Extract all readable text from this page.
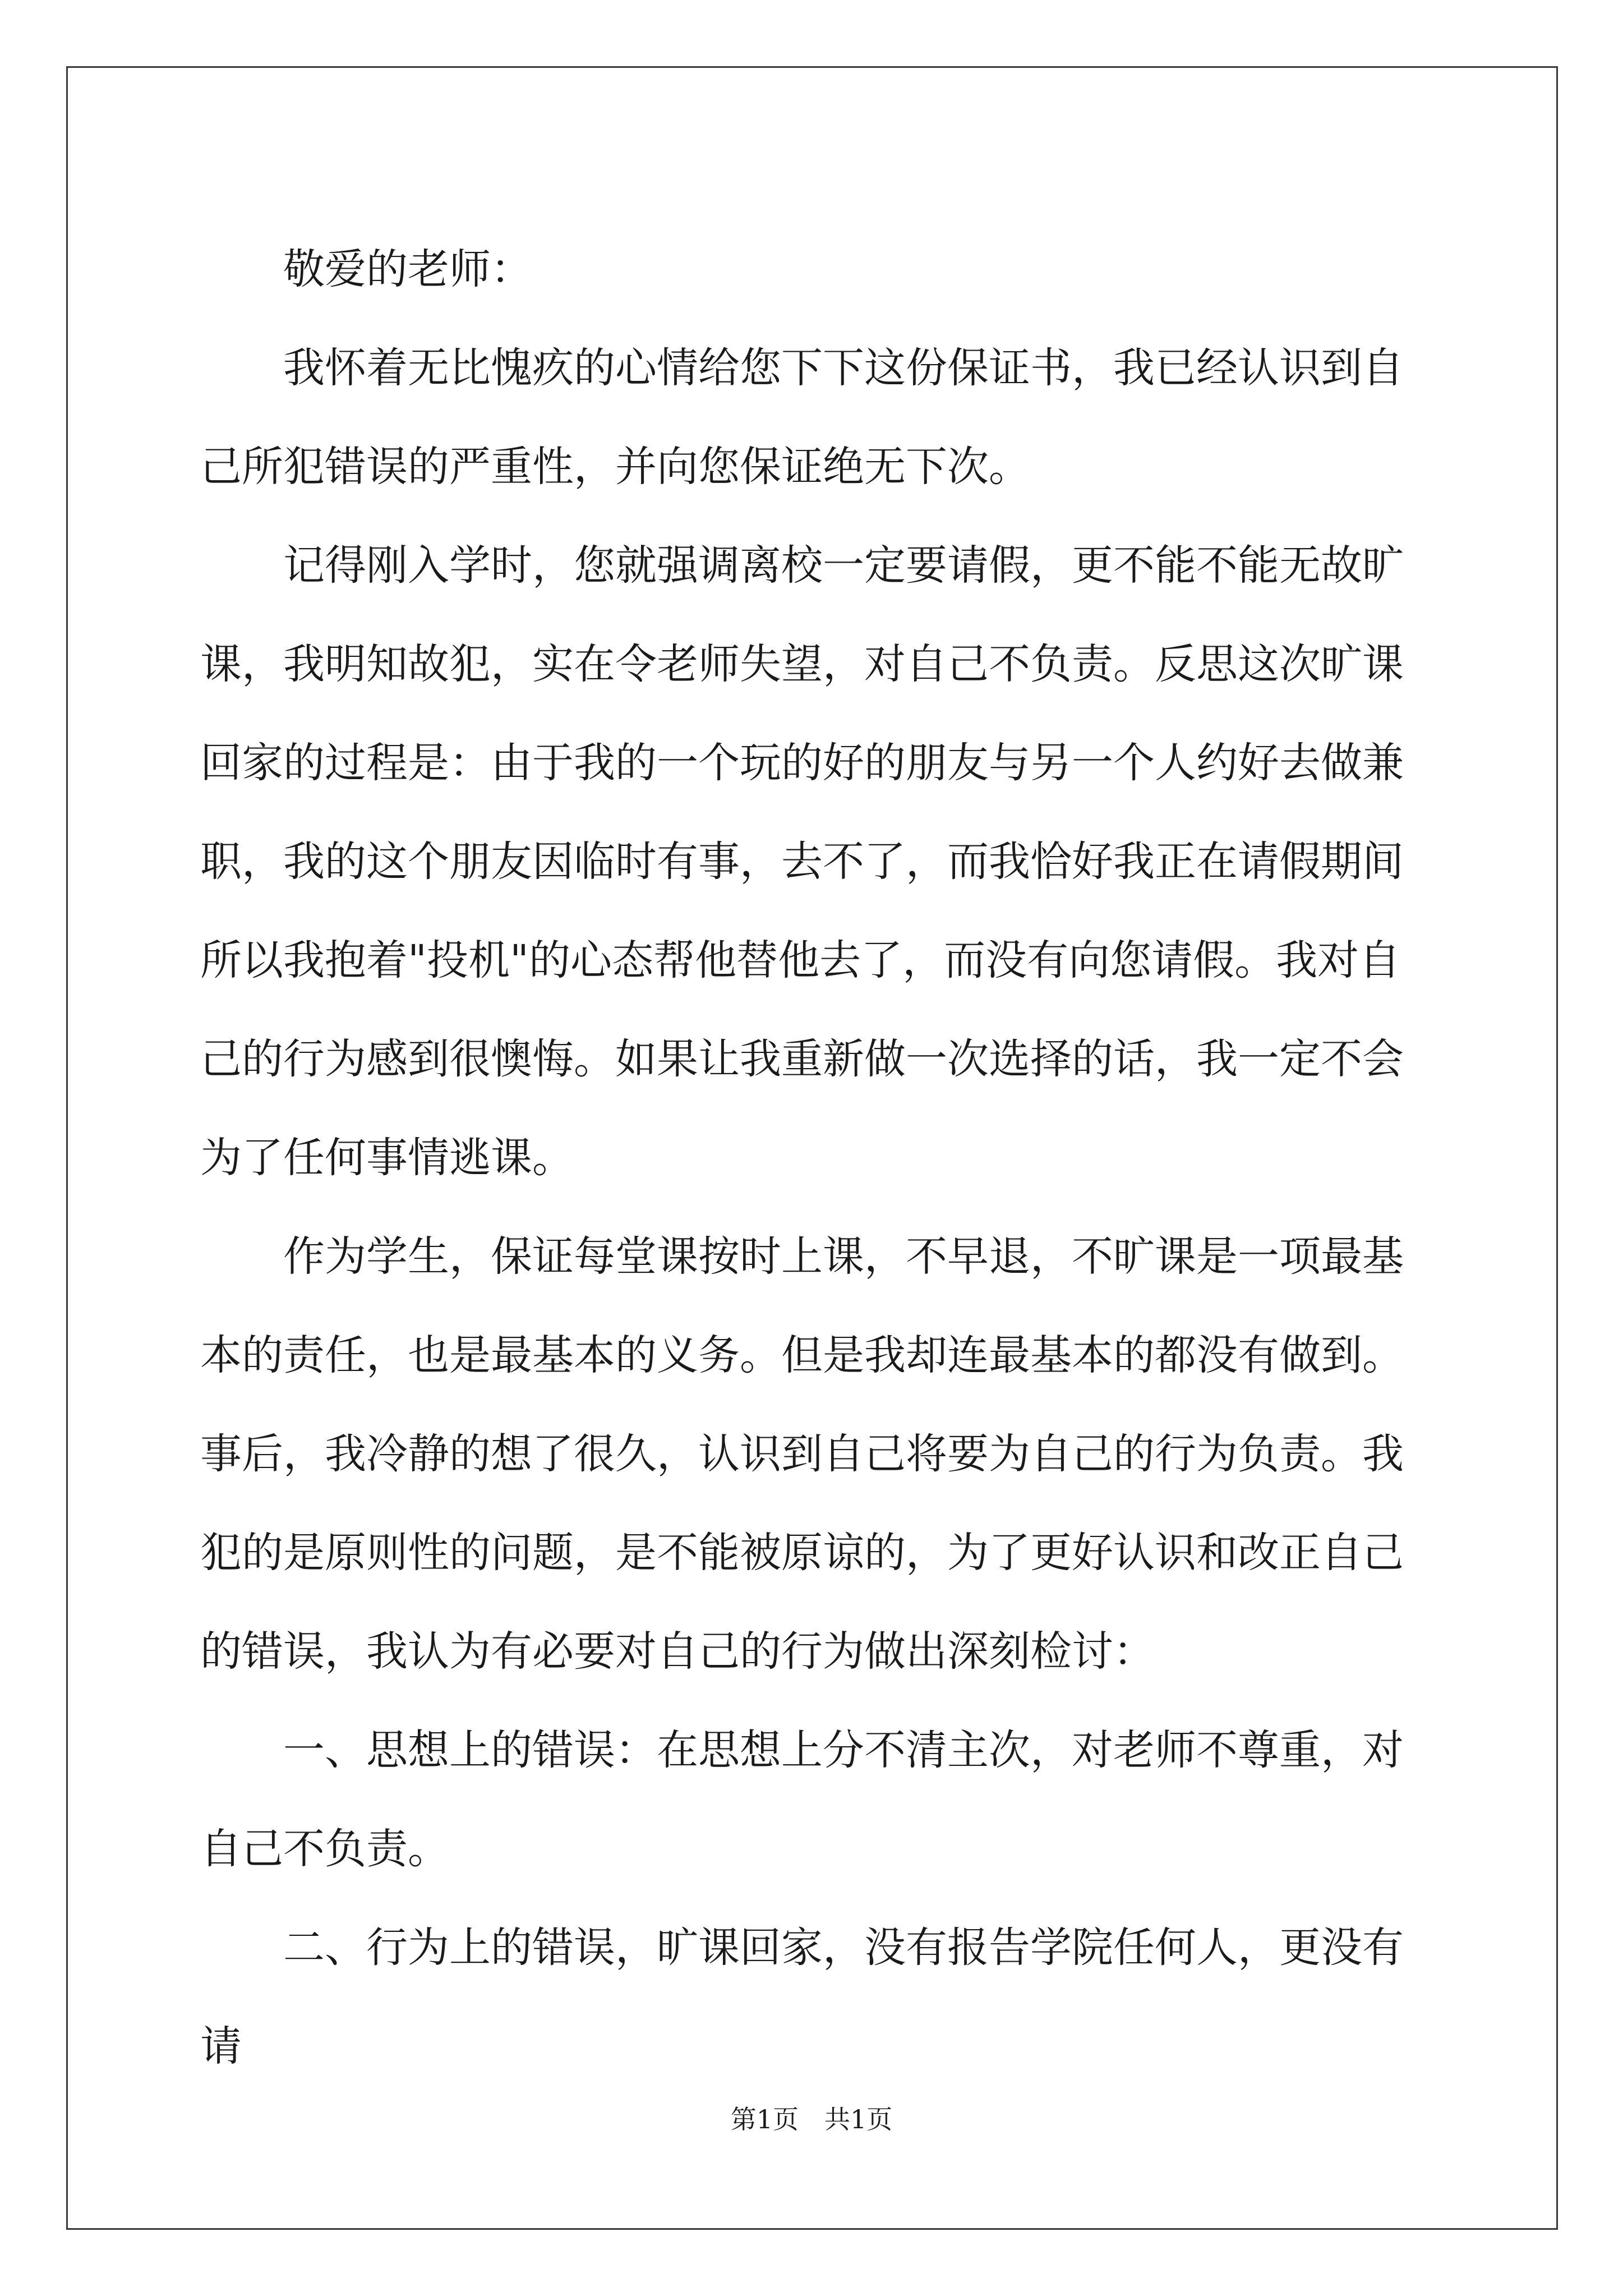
敬爱的老师：

我怀着无比愧疚的心情给您下下这份保证书，我已经认识到自己所犯错误的严重性，并向您保证绝无下次。

记得刚入学时，您就强调离校一定要请假，更不能不能无故旷课，我明知故犯，实在令老师失望，对自己不负责。反思这次旷课回家的过程是：由于我的一个玩的好的朋友与另一个人约好去做兼职，我的这个朋友因临时有事，去不了，而我恰好我正在请假期间所以我抱着"投机"的心态帮他替他去了，而没有向您请假。我对自己的行为感到很懊悔。如果让我重新做一次选择的话，我一定不会为了任何事情逃课。

作为学生，保证每堂课按时上课，不早退，不旷课是一项最基本的责任，也是最基本的义务。但是我却连最基本的都没有做到。事后，我冷静的想了很久，认识到自己将要为自己的行为负责。我犯的是原则性的问题，是不能被原谅的，为了更好认识和改正自己的错误，我认为有必要对自己的行为做出深刻检讨：

一、思想上的错误：在思想上分不清主次，对老师不尊重，对自己不负责。

二、行为上的错误，旷课回家，没有报告学院任何人，更没有请

第1页 共1页
